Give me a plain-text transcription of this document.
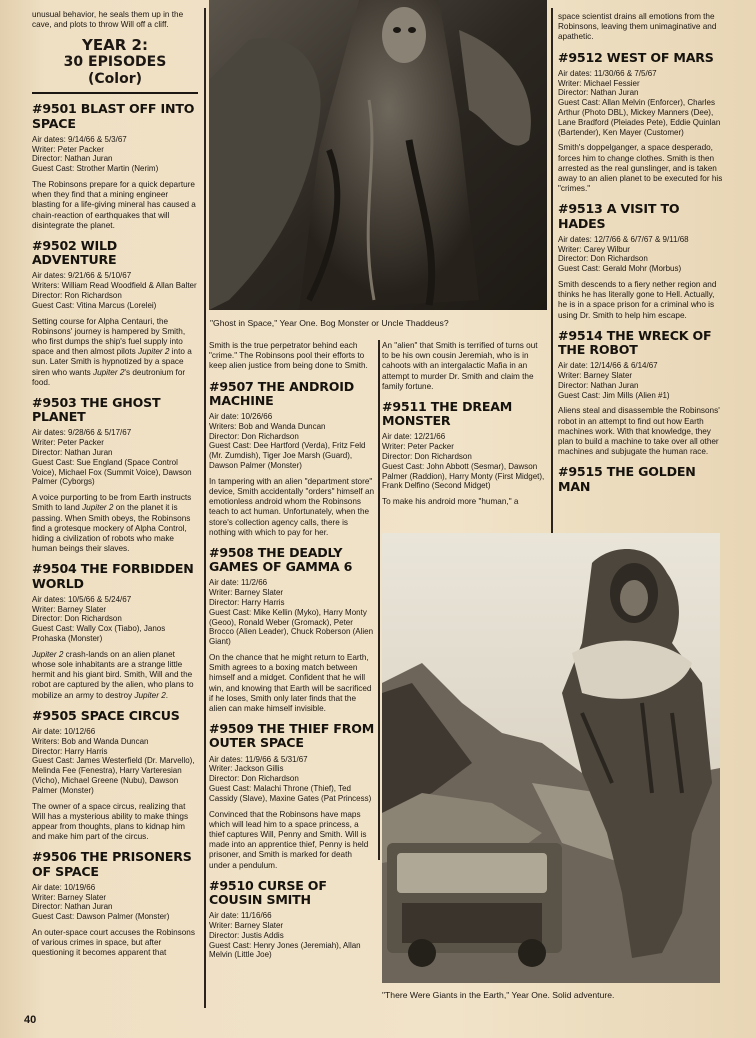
unusual behavior, he seals them up in the cave, and plots to throw Will off a cliff.

YEAR 2:
30 EPISODES
(Color)
#9501 BLAST OFF INTO SPACE
Air dates: 9/14/66 & 5/3/67
Writer: Peter Packer
Director: Nathan Juran
Guest Cast: Strother Martin (Nerim)

The Robinsons prepare for a quick departure when they find that a mining engineer blasting for a life-giving mineral has caused a chain-reaction of earthquakes that will disintegrate the planet.

#9502 WILD ADVENTURE
Air dates: 9/21/66 & 5/10/67
Writers: William Read Woodfield & Allan Balter
Director: Ron Richardson
Guest Cast: Vitina Marcus (Lorelei)

Setting course for Alpha Centauri, the Robinsons' journey is hampered by Smith, who first dumps the ship's fuel supply into space and then almost pilots Jupiter 2 into a sun. Later Smith is hypnotized by a space siren who wants Jupiter 2's deutronium for food.

#9503 THE GHOST PLANET
Air dates: 9/28/66 & 5/17/67
Writer: Peter Packer
Director: Nathan Juran
Guest Cast: Sue England (Space Control Voice), Michael Fox (Summit Voice), Dawson Palmer (Cyborgs)

A voice purporting to be from Earth instructs Smith to land Jupiter 2 on the planet it is passing. When Smith obeys, the Robinsons find a grotesque mockery of Alpha Control, hiding a civilization of robots who make human beings their slaves.

#9504 THE FORBIDDEN WORLD
Air dates: 10/5/66 & 5/24/67
Writer: Barney Slater
Director: Don Richardson
Guest Cast: Wally Cox (Tiabo), Janos Prohaska (Monster)

Jupiter 2 crash-lands on an alien planet whose sole inhabitants are a strange little hermit and his giant bird. Smith, Will and the robot are captured by the alien, who plans to mobilize an army to destroy Jupiter 2.

#9505 SPACE CIRCUS
Air date: 10/12/66
Writers: Bob and Wanda Duncan
Director: Harry Harris
Guest Cast: James Westerfield (Dr. Marvello), Melinda Fee (Fenestra), Harry Varteresian (Vicho), Michael Greene (Nubu), Dawson Palmer (Monster)

The owner of a space circus, realizing that Will has a mysterious ability to make things appear from thoughts, plans to kidnap him and make him part of the circus.

#9506 THE PRISONERS OF SPACE
Air date: 10/19/66
Writer: Barney Slater
Director: Nathan Juran
Guest Cast: Dawson Palmer (Monster)

An outer-space court accuses the Robinsons of various crimes in space, but after questioning it becomes apparent that

"Ghost in Space," Year One. Bog Monster or Uncle Thaddeus?

Smith is the true perpetrator behind each "crime." The Robinsons pool their efforts to keep alien justice from being done to Smith.

#9507 THE ANDROID MACHINE
Air date: 10/26/66
Writers: Bob and Wanda Duncan
Director: Don Richardson
Guest Cast: Dee Hartford (Verda), Fritz Feld (Mr. Zumdish), Tiger Joe Marsh (Guard), Dawson Palmer (Monster)

In tampering with an alien "department store" device, Smith accidentally "orders" himself an emotionless android whom the Robinsons teach to act human. Unfortunately, when the store's collection agency calls, there is nothing with which to pay for her.

#9508 THE DEADLY GAMES OF GAMMA 6
Air date: 11/2/66
Writer: Barney Slater
Director: Harry Harris
Guest Cast: Mike Kellin (Myko), Harry Monty (Geoo), Ronald Weber (Gromack), Peter Brocco (Alien Leader), Chuck Roberson (Alien Giant)

On the chance that he might return to Earth, Smith agrees to a boxing match between himself and a midget. Confident that he will win, and knowing that Earth will be sacrificed if he loses, Smith only later finds that the alien can make himself invisible.

#9509 THE THIEF FROM OUTER SPACE
Air dates: 11/9/66 & 5/31/67
Writer: Jackson Gillis
Director: Don Richardson
Guest Cast: Malachi Throne (Thief), Ted Cassidy (Slave), Maxine Gates (Pat Princess)

Convinced that the Robinsons have maps which will lead him to a space princess, a thief captures Will, Penny and Smith. Will is made into an apprentice thief, Penny is held prisoner, and Smith is marked for death under a pendulum.

#9510 CURSE OF COUSIN SMITH
Air date: 11/16/66
Writer: Barney Slater
Director: Justis Addis
Guest Cast: Henry Jones (Jeremiah), Allan Melvin (Little Joe)

An "alien" that Smith is terrified of turns out to be his own cousin Jeremiah, who is in cahoots with an intergalactic Mafia in an attempt to murder Dr. Smith and claim the family fortune.

#9511 THE DREAM MONSTER
Air date: 12/21/66
Writer: Peter Packer
Director: Don Richardson
Guest Cast: John Abbott (Sesmar), Dawson Palmer (Raddion), Harry Monty (First Midget), Frank Delfino (Second Midget)

To make his android more "human," a

space scientist drains all emotions from the Robinsons, leaving them unimaginative and apathetic.

#9512 WEST OF MARS
Air dates: 11/30/66 & 7/5/67
Writer: Michael Fessier
Director: Nathan Juran
Guest Cast: Allan Melvin (Enforcer), Charles Arthur (Photo DBL), Mickey Manners (Dee), Lane Bradford (Pleiades Pete), Eddie Quinlan (Bartender), Ken Mayer (Customer)

Smith's doppelganger, a space desperado, forces him to change clothes. Smith is then arrested as the real gunslinger, and is taken away to an alien planet to be executed for his "crimes."

#9513 A VISIT TO HADES
Air dates: 12/7/66 & 6/7/67 & 9/11/68
Writer: Carey Wilbur
Director: Don Richardson
Guest Cast: Gerald Mohr (Morbus)

Smith descends to a fiery nether region and thinks he has literally gone to Hell. Actually, he is in a space prison for a criminal who is using Dr. Smith to help him escape.

#9514 THE WRECK OF THE ROBOT
Air date: 12/14/66 & 6/14/67
Writer: Barney Slater
Director: Nathan Juran
Guest Cast: Jim Mills (Alien #1)

Aliens steal and disassemble the Robinsons' robot in an attempt to find out how Earth machines work. With that knowledge, they plan to build a machine to take over all other machines and subjugate the human race.

#9515 THE GOLDEN MAN
"There Were Giants in the Earth," Year One. Solid adventure.
40
